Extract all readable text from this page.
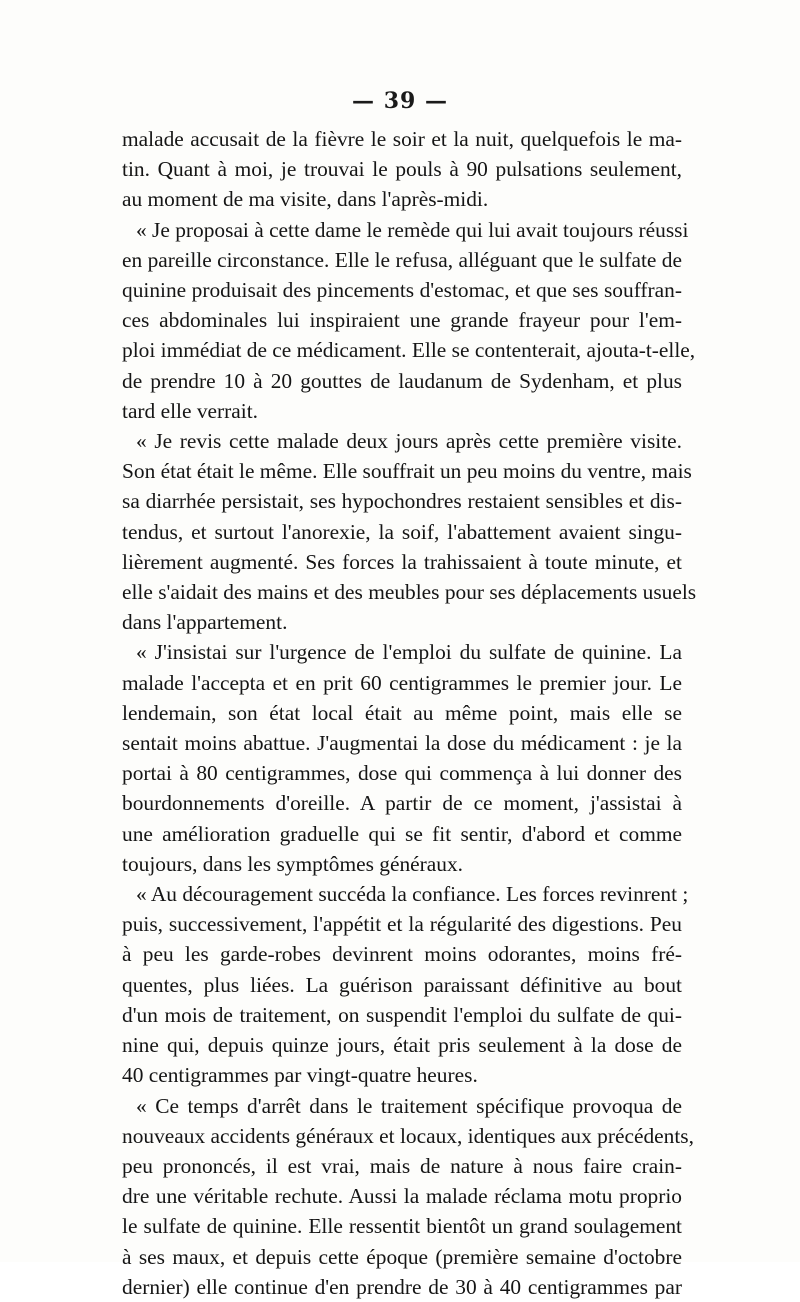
— 39 —

malade accusait de la fièvre le soir et la nuit, quelquefois le ma-
tin. Quant à moi, je trouvai le pouls à 90 pulsations seulement,
au moment de ma visite, dans l'après-midi.

« Je proposai à cette dame le remède qui lui avait toujours réussi
en pareille circonstance. Elle le refusa, alléguant que le sulfate de
quinine produisait des pincements d'estomac, et que ses souffran-
ces abdominales lui inspiraient une grande frayeur pour l'em-
ploi immédiat de ce médicament. Elle se contenterait, ajouta-t-elle,
de prendre 10 à 20 gouttes de laudanum de Sydenham, et plus
tard elle verrait.

« Je revis cette malade deux jours après cette première visite.
Son état était le même. Elle souffrait un peu moins du ventre, mais
sa diarrhée persistait, ses hypochondres restaient sensibles et dis-
tendus, et surtout l'anorexie, la soif, l'abattement avaient singu-
lièrement augmenté. Ses forces la trahissaient à toute minute, et
elle s'aidait des mains et des meubles pour ses déplacements usuels
dans l'appartement.

« J'insistai sur l'urgence de l'emploi du sulfate de quinine. La
malade l'accepta et en prit 60 centigrammes le premier jour. Le
lendemain, son état local était au même point, mais elle se
sentait moins abattue. J'augmentai la dose du médicament : je la
portai à 80 centigrammes, dose qui commença à lui donner des
bourdonnements d'oreille. A partir de ce moment, j'assistai à
une amélioration graduelle qui se fit sentir, d'abord et comme
toujours, dans les symptômes généraux.

« Au découragement succéda la confiance. Les forces revinrent ;
puis, successivement, l'appétit et la régularité des digestions. Peu
à peu les garde-robes devinrent moins odorantes, moins fré-
quentes, plus liées. La guérison paraissant définitive au bout
d'un mois de traitement, on suspendit l'emploi du sulfate de qui-
nine qui, depuis quinze jours, était pris seulement à la dose de
40 centigrammes par vingt-quatre heures.

« Ce temps d'arrêt dans le traitement spécifique provoqua de
nouveaux accidents généraux et locaux, identiques aux précédents,
peu prononcés, il est vrai, mais de nature à nous faire crain-
dre une véritable rechute. Aussi la malade réclama motu proprio
le sulfate de quinine. Elle ressentit bientôt un grand soulagement
à ses maux, et depuis cette époque (première semaine d'octobre
dernier) elle continue d'en prendre de 30 à 40 centigrammes par
